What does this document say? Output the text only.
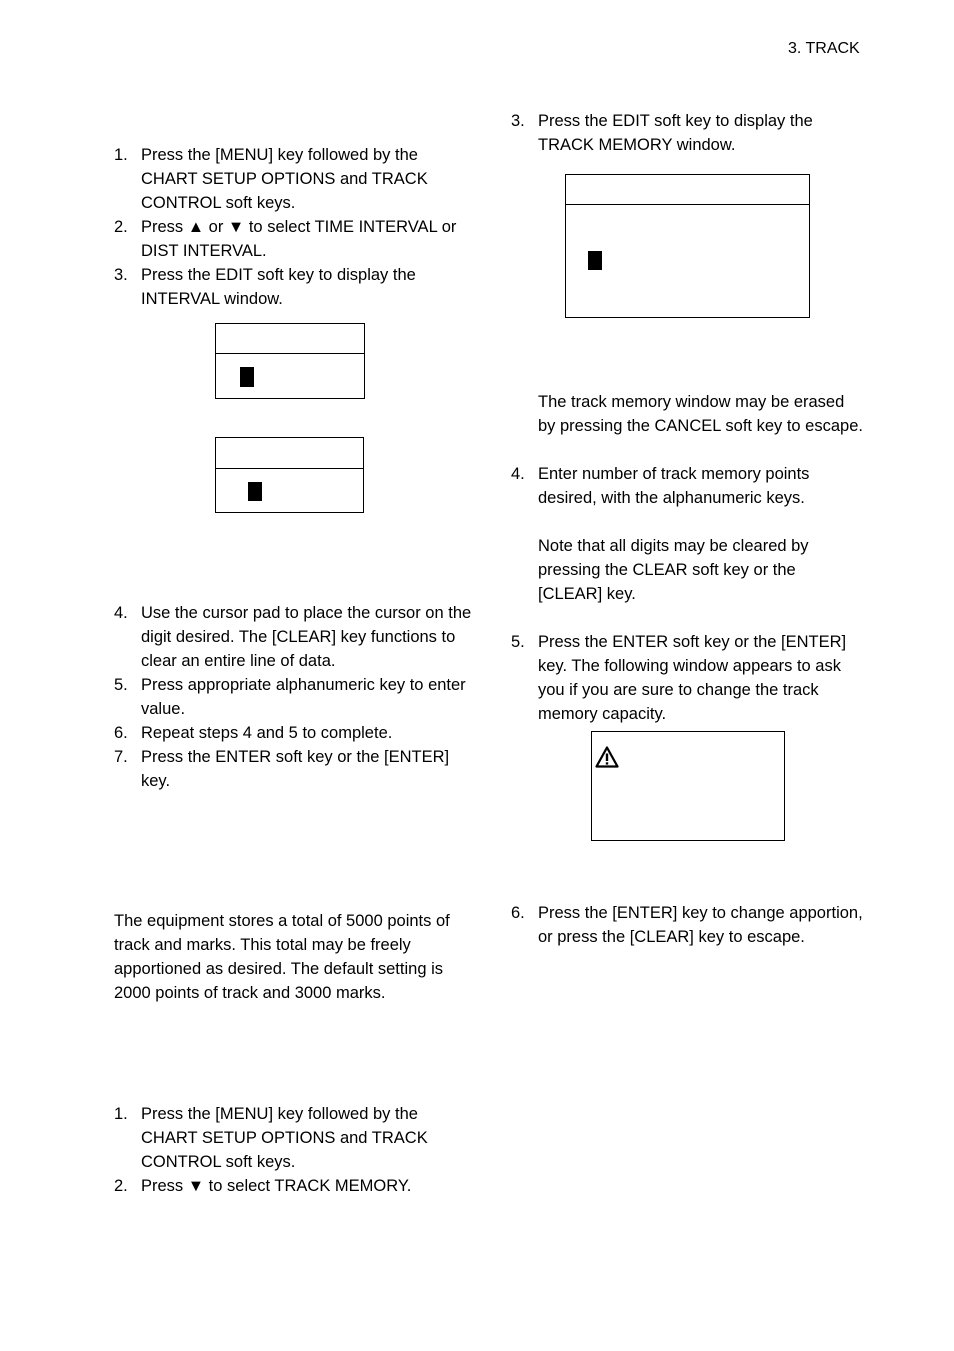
3. TRACK
1. Press the [MENU] key followed by the CHART SETUP OPTIONS and TRACK CONTROL soft keys.
2. Press ▲ or ▼ to select TIME INTERVAL or DIST INTERVAL.
3. Press the EDIT soft key to display the INTERVAL window.
4. Use the cursor pad to place the cursor on the digit desired. The [CLEAR] key functions to clear an entire line of data.
5. Press appropriate alphanumeric key to enter value.
6. Repeat steps 4 and 5 to complete.
7. Press the ENTER soft key or the [ENTER] key.
The equipment stores a total of 5000 points of track and marks. This total may be freely apportioned as desired. The default setting is 2000 points of track and 3000 marks.
1. Press the [MENU] key followed by the CHART SETUP OPTIONS and TRACK CONTROL soft keys.
2. Press ▼ to select TRACK MEMORY.
3. Press the EDIT soft key to display the TRACK MEMORY window.
The track memory window may be erased by pressing the CANCEL soft key to escape.
4. Enter number of track memory points desired, with the alphanumeric keys.
Note that all digits may be cleared by pressing the CLEAR soft key or the [CLEAR] key.
5. Press the ENTER soft key or the [ENTER] key. The following window appears to ask you if you are sure to change the track memory capacity.
6. Press the [ENTER] key to change apportion, or press the [CLEAR] key to escape.
